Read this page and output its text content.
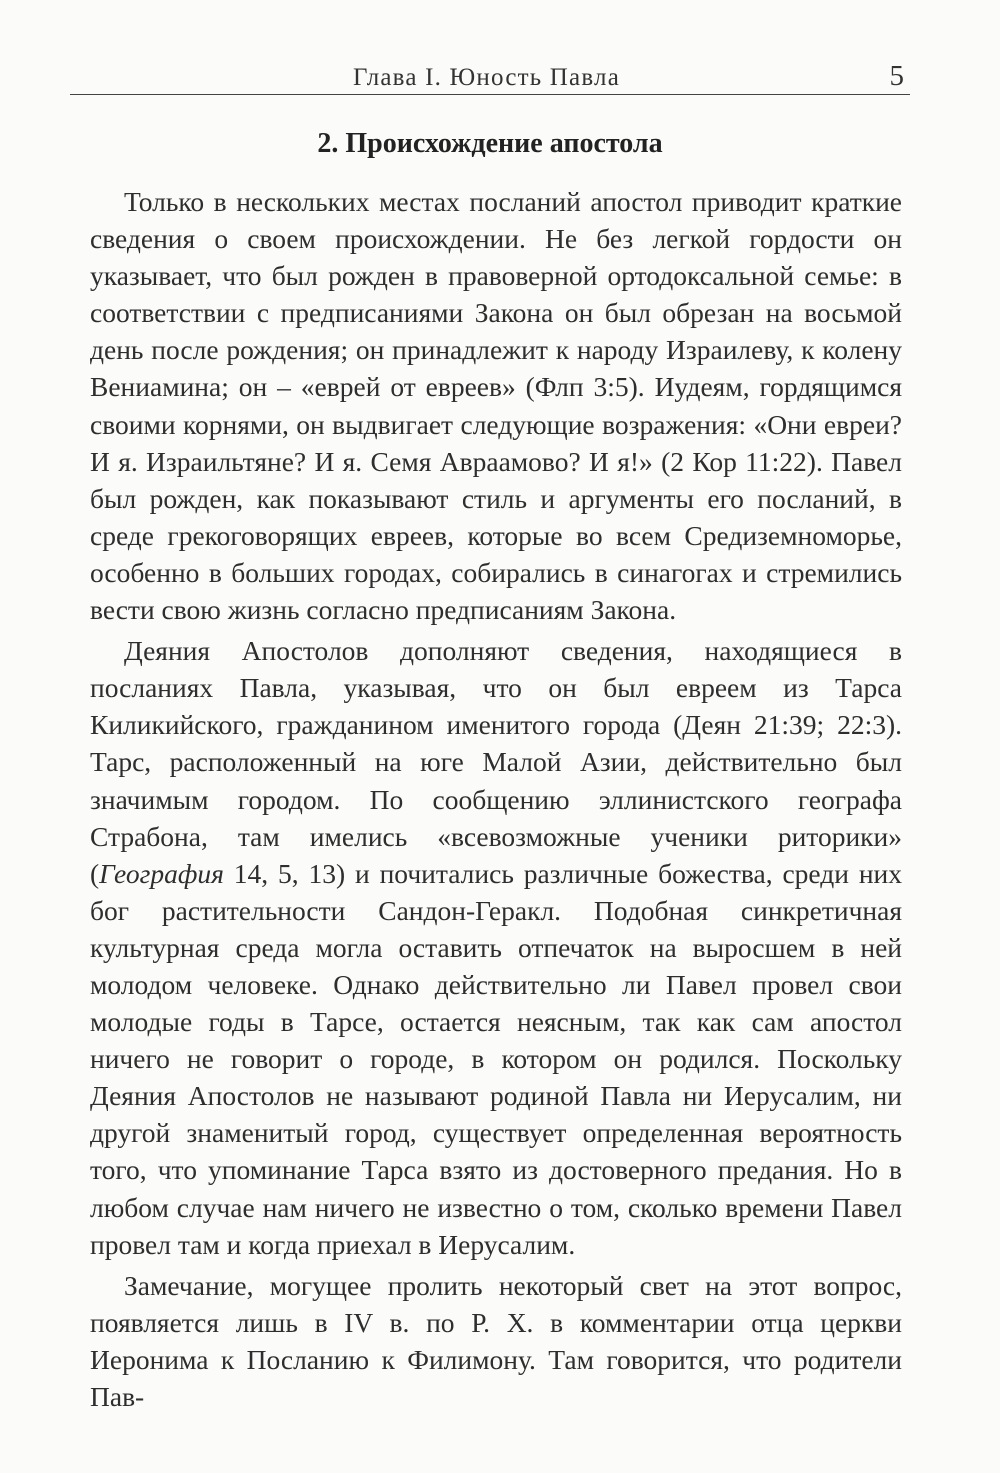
Глава I. Юность Павла	5
2. Происхождение апостола

Только в нескольких местах посланий апостол приводит краткие сведения о своем происхождении. Не без легкой гордости он указывает, что был рожден в правоверной ортодоксальной семье: в соответствии с предписаниями Закона он был обрезан на восьмой день после рождения; он принадлежит к народу Израилеву, к колену Вениамина; он – «еврей от евреев» (Флп 3:5). Иудеям, гордящимся своими корнями, он выдвигает следующие возражения: «Они евреи? И я. Израильтяне? И я. Семя Авраамово? И я!» (2 Кор 11:22). Павел был рожден, как показывают стиль и аргументы его посланий, в среде грекоговорящих евреев, которые во всем Средиземноморье, особенно в больших городах, собирались в синагогах и стремились вести свою жизнь согласно предписаниям Закона.

Деяния Апостолов дополняют сведения, находящиеся в посланиях Павла, указывая, что он был евреем из Тарса Киликийского, гражданином именитого города (Деян 21:39; 22:3). Тарс, расположенный на юге Малой Азии, действительно был значимым городом. По сообщению эллинистского географа Страбона, там имелись «всевозможные ученики риторики» (География 14, 5, 13) и почитались различные божества, среди них бог растительности Сандон-Геракл. Подобная синкретичная культурная среда могла оставить отпечаток на выросшем в ней молодом человеке. Однако действительно ли Павел провел свои молодые годы в Тарсе, остается неясным, так как сам апостол ничего не говорит о городе, в котором он родился. Поскольку Деяния Апостолов не называют родиной Павла ни Иерусалим, ни другой знаменитый город, существует определенная вероятность того, что упоминание Тарса взято из достоверного предания. Но в любом случае нам ничего не известно о том, сколько времени Павел провел там и когда приехал в Иерусалим.

Замечание, могущее пролить некоторый свет на этот вопрос, появляется лишь в IV в. по Р. Х. в комментарии отца церкви Иеронима к Посланию к Филимону. Там говорится, что родители Пав-
